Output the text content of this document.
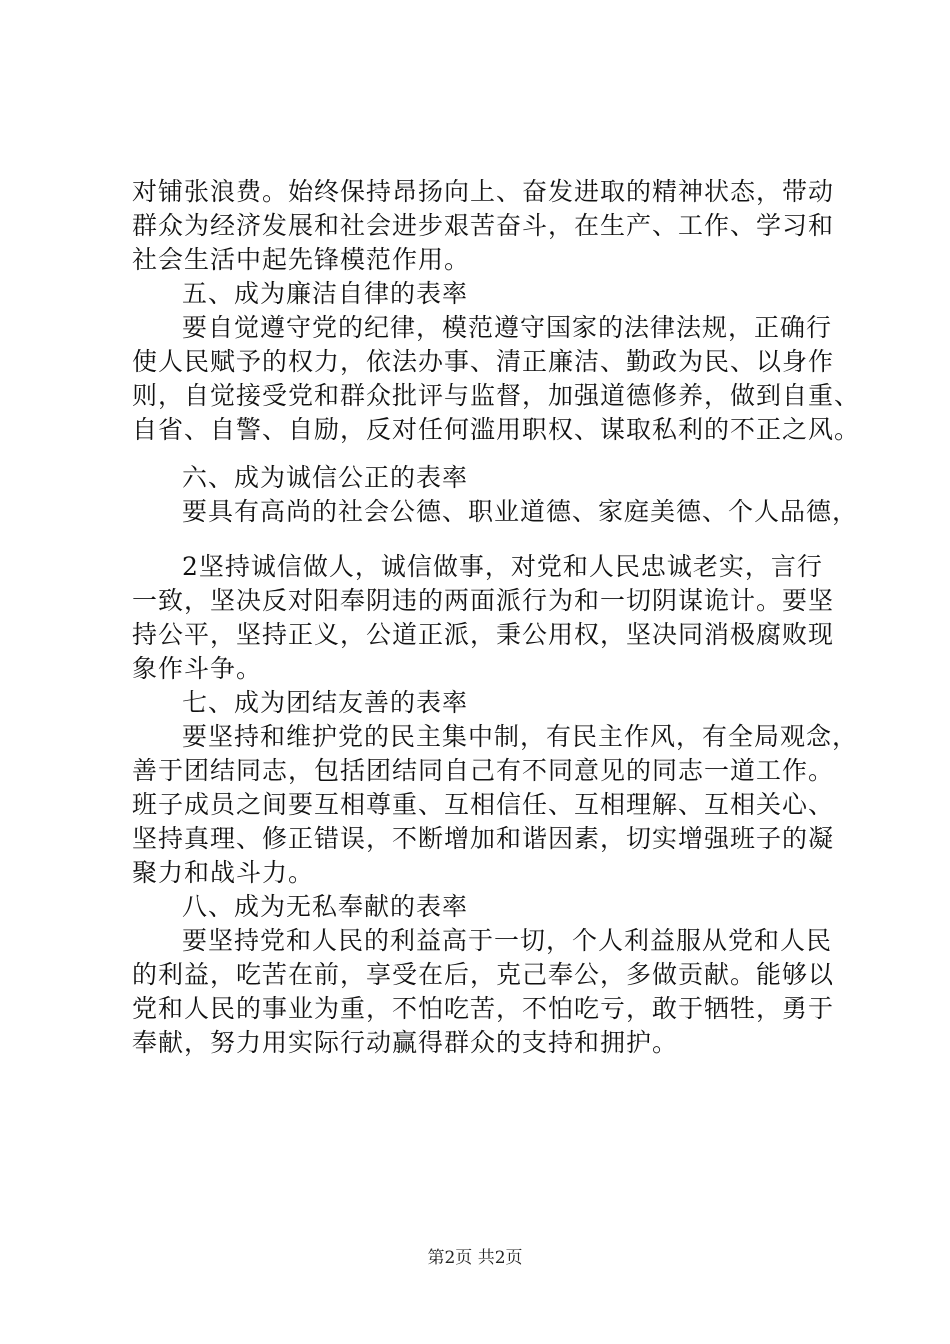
对铺张浪费。始终保持昂扬向上、奋发进取的精神状态，带动
群众为经济发展和社会进步艰苦奋斗，在生产、工作、学习和
社会生活中起先锋模范作用。
五、成为廉洁自律的表率
要自觉遵守党的纪律，模范遵守国家的法律法规，正确行
使人民赋予的权力，依法办事、清正廉洁、勤政为民、以身作
则，自觉接受党和群众批评与监督，加强道德修养，做到自重、
自省、自警、自励，反对任何滥用职权、谋取私利的不正之风。
六、成为诚信公正的表率
要具有高尚的社会公德、职业道德、家庭美德、个人品德，
2坚持诚信做人，诚信做事，对党和人民忠诚老实，言行
一致，坚决反对阳奉阴违的两面派行为和一切阴谋诡计。要坚
持公平，坚持正义，公道正派，秉公用权，坚决同消极腐败现
象作斗争。
七、成为团结友善的表率
要坚持和维护党的民主集中制，有民主作风，有全局观念，
善于团结同志，包括团结同自己有不同意见的同志一道工作。
班子成员之间要互相尊重、互相信任、互相理解、互相关心、
坚持真理、修正错误，不断增加和谐因素，切实增强班子的凝
聚力和战斗力。
八、成为无私奉献的表率
要坚持党和人民的利益高于一切，个人利益服从党和人民
的利益，吃苦在前，享受在后，克己奉公，多做贡献。能够以
党和人民的事业为重，不怕吃苦，不怕吃亏，敢于牺牲，勇于
奉献，努力用实际行动赢得群众的支持和拥护。
第2页 共2页
